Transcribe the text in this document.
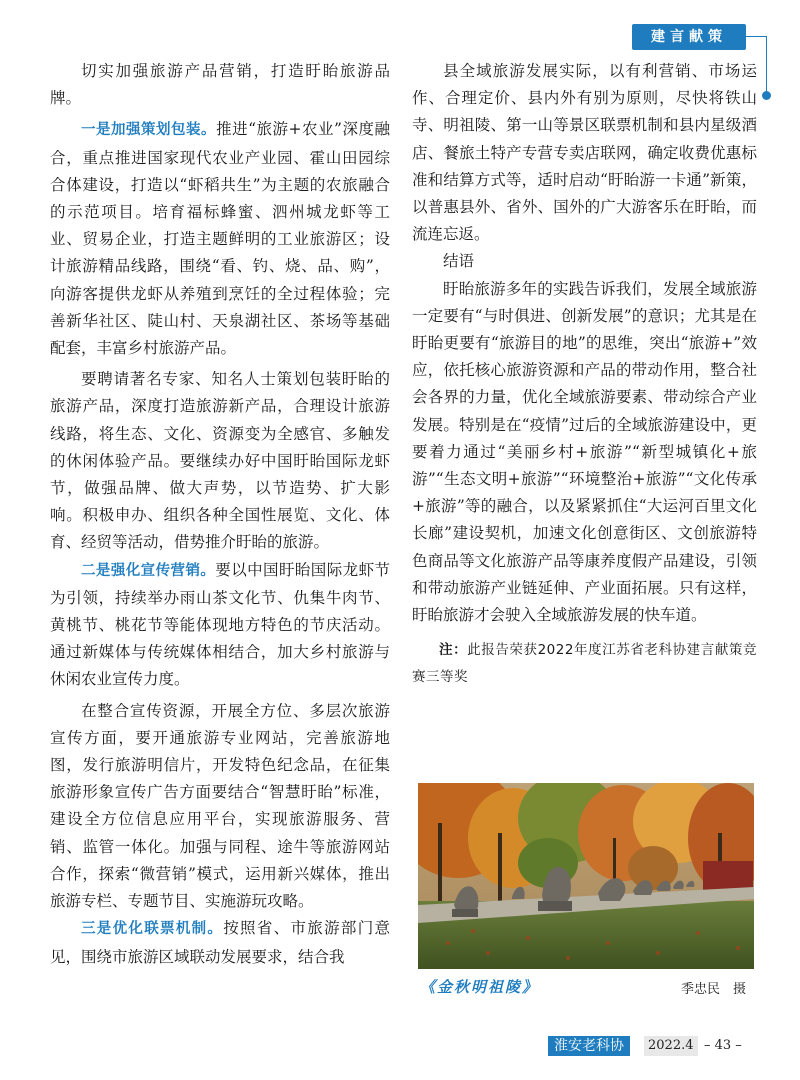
建言献策

切实加强旅游产品营销，打造盱眙旅游品牌。

一是加强策划包装。推进“旅游+农业”深度融合，重点推进国家现代农业产业园、霍山田园综合体建设，打造以“虾稻共生”为主题的农旅融合的示范项目。培育福标蜂蜜、泗州城龙虾等工业、贸易企业，打造主题鲜明的工业旅游区；设计旅游精品线路，围绕“看、钓、烧、品、购”，向游客提供龙虾从养殖到烹饪的全过程体验；完善新华社区、陡山村、天泉湖社区、茶场等基础配套，丰富乡村旅游产品。

要聘请著名专家、知名人士策划包装盱眙的旅游产品，深度打造旅游新产品，合理设计旅游线路，将生态、文化、资源变为全感官、多触发的休闲体验产品。要继续办好中国盱眙国际龙虾节，做强品牌、做大声势，以节造势、扩大影响。积极申办、组织各种全国性展览、文化、体育、经贸等活动，借势推介盱眙的旅游。

二是强化宣传营销。要以中国盱眙国际龙虾节为引领，持续举办雨山茶文化节、仇集牛肉节、黄桃节、桃花节等能体现地方特色的节庆活动。通过新媒体与传统媒体相结合，加大乡村旅游与休闲农业宣传力度。

在整合宣传资源，开展全方位、多层次旅游宣传方面，要开通旅游专业网站，完善旅游地图，发行旅游明信片，开发特色纪念品，在征集旅游形象宣传广告方面要结合“智慧盱眙”标准，建设全方位信息应用平台，实现旅游服务、营销、监管一体化。加强与同程、途牛等旅游网站合作，探索“微营销”模式，运用新兴媒体，推出旅游专栏、专题节目、实施游玩攻略。

三是优化联票机制。按照省、市旅游部门意见，围绕市旅游区域联动发展要求，结合我

县全域旅游发展实际，以有利营销、市场运作、合理定价、县内外有别为原则，尽快将铁山寺、明祖陵、第一山等景区联票机制和县内星级酒店、餐旅土特产专营专卖店联网，确定收费优惠标准和结算方式等，适时启动“盱眙游一卡通”新策，以普惠县外、省外、国外的广大游客乐在盱眙，而流连忘返。

结语

盱眙旅游多年的实践告诉我们，发展全域旅游一定要有“与时俱进、创新发展”的意识；尤其是在盱眙更要有“旅游目的地”的思维，突出“旅游+”效应，依托核心旅游资源和产品的带动作用，整合社会各界的力量，优化全域旅游要素、带动综合产业发展。特别是在“疫情”过后的全域旅游建设中，更要着力通过“美丽乡村+旅游”“新型城镇化+旅游”“生态文明+旅游”“环境整治+旅游”“文化传承+旅游”等的融合，以及紧紧抓住“大运河百里文化长廊”建设契机，加速文化创意街区、文创旅游特色商品等文化旅游产品等康养度假产品建设，引领和带动旅游产业链延伸、产业面拓展。只有这样，盱眙旅游才会驶入全域旅游发展的快车道。

注：此报告荣获2022年度江苏省老科协建言献策竞赛三等奖

《金秋明祖陵》	季忠民　摄
淮安老科协	2022.4 – 43 –
